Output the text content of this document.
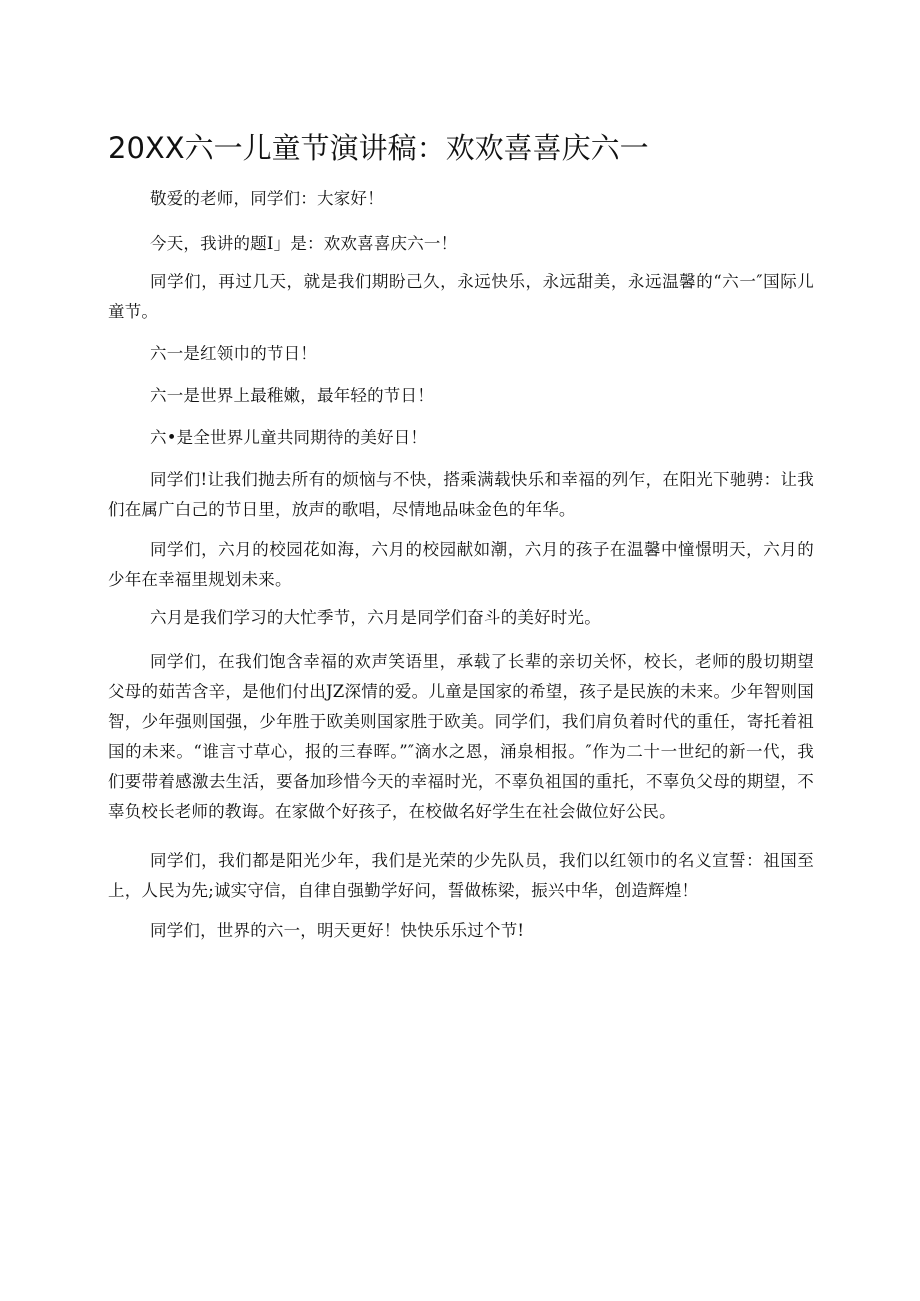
20XX六一儿童节演讲稿：欢欢喜喜庆六一

敬爱的老师，同学们：大家好！

今天，我讲的题I」是：欢欢喜喜庆六一！

同学们，再过几天，就是我们期盼己久，永远快乐，永远甜美，永远温馨的“六一″国际儿童节。

六一是红领巾的节日！

六一是世界上最稚嫩，最年轻的节日！

六•是全世界儿童共同期待的美好日！

同学们!让我们抛去所有的烦恼与不快，搭乘满载快乐和幸福的列乍，在阳光下驰骋：让我们在属广白己的节日里，放声的歌唱，尽情地品味金色的年华。

同学们，六月的校园花如海，六月的校园献如潮，六月的孩子在温馨中憧憬明天，六月的少年在幸福里规划未来。

六月是我们学习的大忙季节，六月是同学们奋斗的美好时光。

同学们，在我们饱含幸福的欢声笑语里，承载了长辈的亲切关怀，校长，老师的殷切期望父母的茹苦含辛，是他们付出JZ深情的爱。儿童是国家的希望，孩子是民族的未来。少年智则国智，少年强则国强，少年胜于欧美则国家胜于欧美。同学们，我们肩负着时代的重任，寄托着祖国的未来。“谁言寸草心，报的三春晖。”″滴水之恩，涌泉相报。″作为二十一世纪的新一代，我们要带着感激去生活，要备加珍惜今天的幸福时光，不辜负祖国的重托，不辜负父母的期望，不辜负校长老师的教诲。在家做个好孩子，在校做名好学生在社会做位好公民。

同学们，我们都是阳光少年，我们是光荣的少先队员，我们以红领巾的名义宣誓：祖国至上，人民为先;诚实守信，自律自强勤学好问，誓做栋梁，振兴中华，创造辉煌！

同学们，世界的六一，明天更好！快快乐乐过个节!
